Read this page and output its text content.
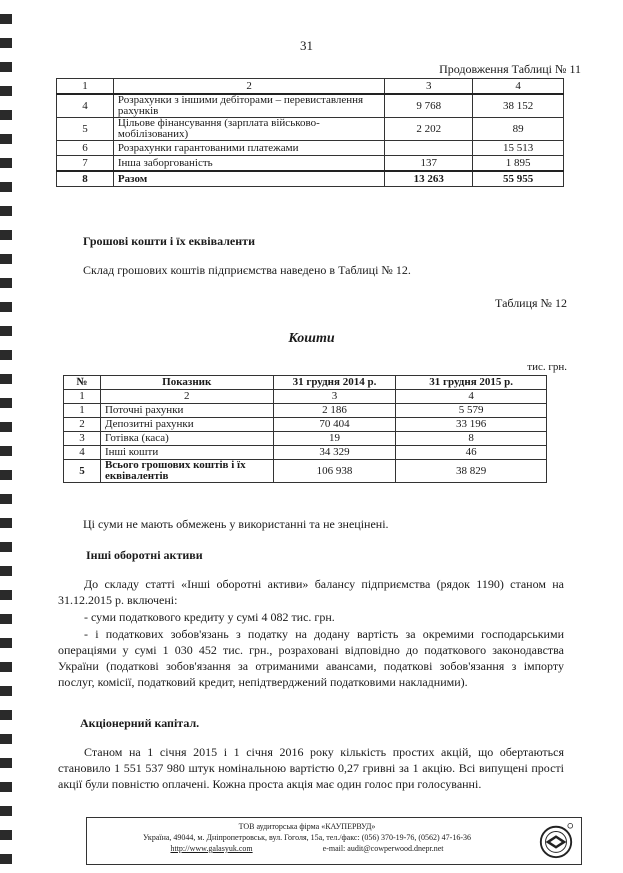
31
Продовження Таблиці № 11
1	2	3	4
4	Розрахунки з іншими дебіторами – перевиставлення рахунків	9 768	38 152
5	Цільове фінансування (зарплата військово-мобілізованих)	2 202	89
6	Розрахунки гарантованими платежами		15 513
7	Інша заборгованість	137	1 895
8	Разом	13 263	55 955
Грошові кошти і їх еквіваленти
Склад грошових коштів підприємства наведено в Таблиці № 12.
Таблиця № 12
Кошти
тис. грн.
№	Показник	31 грудня 2014 р.	31 грудня 2015 р.
1	2	3	4
1	Поточні рахунки	2 186	5 579
2	Депозитні рахунки	70 404	33 196
3	Готівка (каса)	19	8
4	Інші кошти	34 329	46
5	Всього грошових коштів і їх еквівалентів	106 938	38 829
Ці суми не мають обмежень у використанні та не знецінені.
Інші оборотні активи
До складу статті «Інші оборотні активи» балансу підприємства (рядок 1190) станом на 31.12.2015 р. включені:
- суми податкового кредиту у сумі 4 082 тис. грн.
- і податкових зобов'язань з податку на додану вартість за окремими господарськими операціями у сумі 1 030 452 тис. грн., розраховані відповідно до податкового законодавства України (податкові зобов'язання за отриманими авансами, податкові зобов'язання з імпорту послуг, комісії, податковий кредит, непідтверджений податковими накладними).
Акціонерний капітал.
Станом на 1 січня 2015 і 1 січня 2016 року кількість простих акцій, що обертаються становило 1 551 537 980 штук номінальною вартістю 0,27 гривні за 1 акцію. Всі випущені прості акції були повністю оплачені. Кожна проста акція має один голос при голосуванні.
ТОВ аудиторська фірма «КАУПЕРВУД»
Україна, 49044, м. Дніпропетровськ, вул. Гоголя, 15а, тел./факс: (056) 370-19-76, (0562) 47-16-36
http://www.galasyuk.com	e-mail: audit@cowperwood.dnepr.net
